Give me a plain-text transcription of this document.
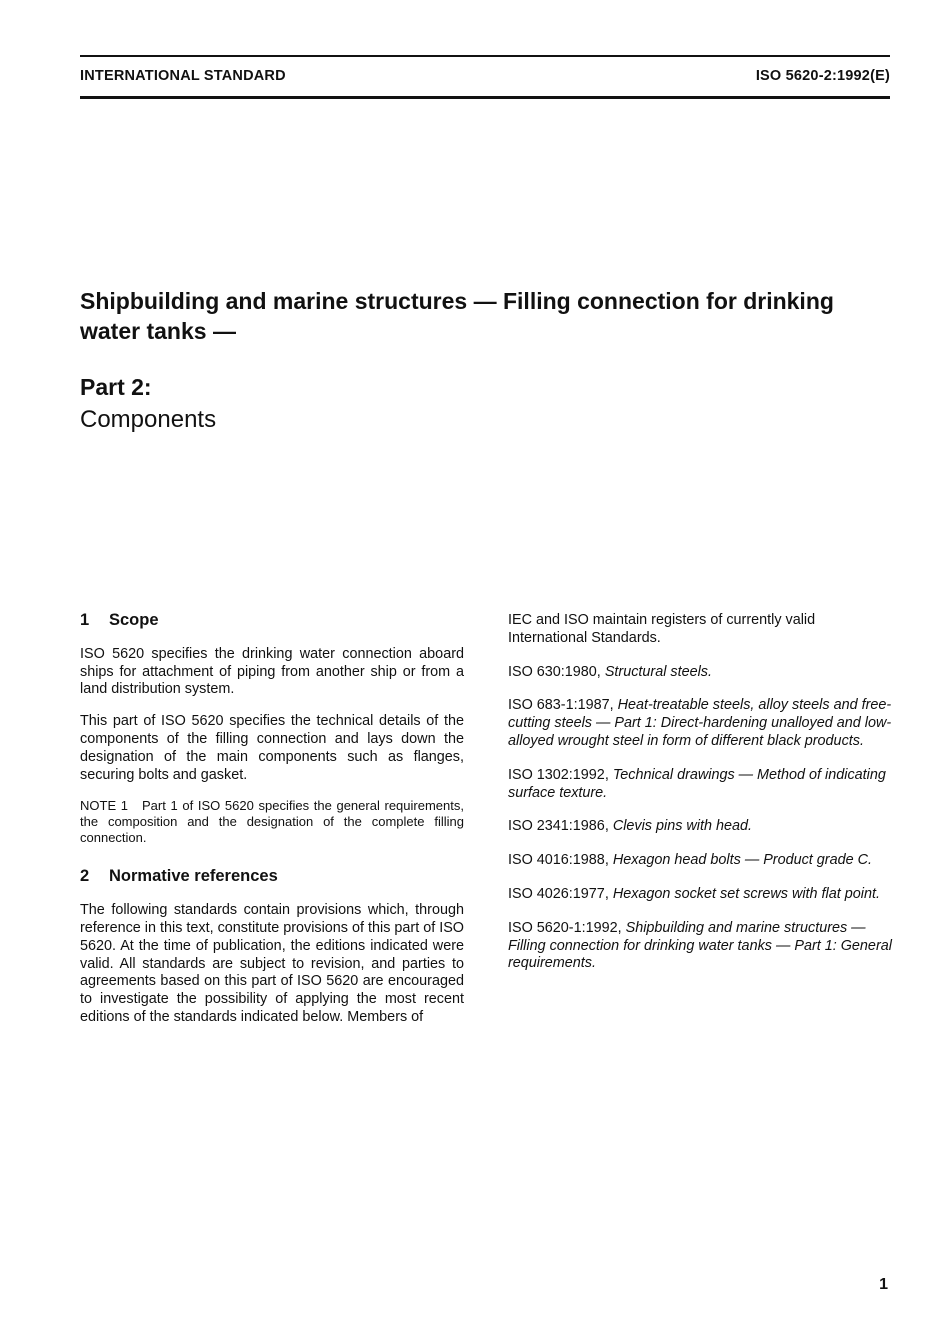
INTERNATIONAL STANDARD	ISO 5620-2:1992(E)
Shipbuilding and marine structures — Filling connection for drinking water tanks —
Part 2:
Components
1 Scope

ISO 5620 specifies the drinking water connection aboard ships for attachment of piping from another ship or from a land distribution system.

This part of ISO 5620 specifies the technical details of the components of the filling connection and lays down the designation of the main components such as flanges, securing bolts and gasket.

NOTE 1 Part 1 of ISO 5620 specifies the general requirements, the composition and the designation of the complete filling connection.

2 Normative references

The following standards contain provisions which, through reference in this text, constitute provisions of this part of ISO 5620. At the time of publication, the editions indicated were valid. All standards are subject to revision, and parties to agreements based on this part of ISO 5620 are encouraged to investigate the possibility of applying the most recent editions of the standards indicated below. Members of

IEC and ISO maintain registers of currently valid International Standards.

ISO 630:1980, Structural steels.
ISO 683-1:1987, Heat-treatable steels, alloy steels and free-cutting steels — Part 1: Direct-hardening unalloyed and low-alloyed wrought steel in form of different black products.
ISO 1302:1992, Technical drawings — Method of indicating surface texture.
ISO 2341:1986, Clevis pins with head.
ISO 4016:1988, Hexagon head bolts — Product grade C.
ISO 4026:1977, Hexagon socket set screws with flat point.
ISO 5620-1:1992, Shipbuilding and marine structures — Filling connection for drinking water tanks — Part 1: General requirements.
1
